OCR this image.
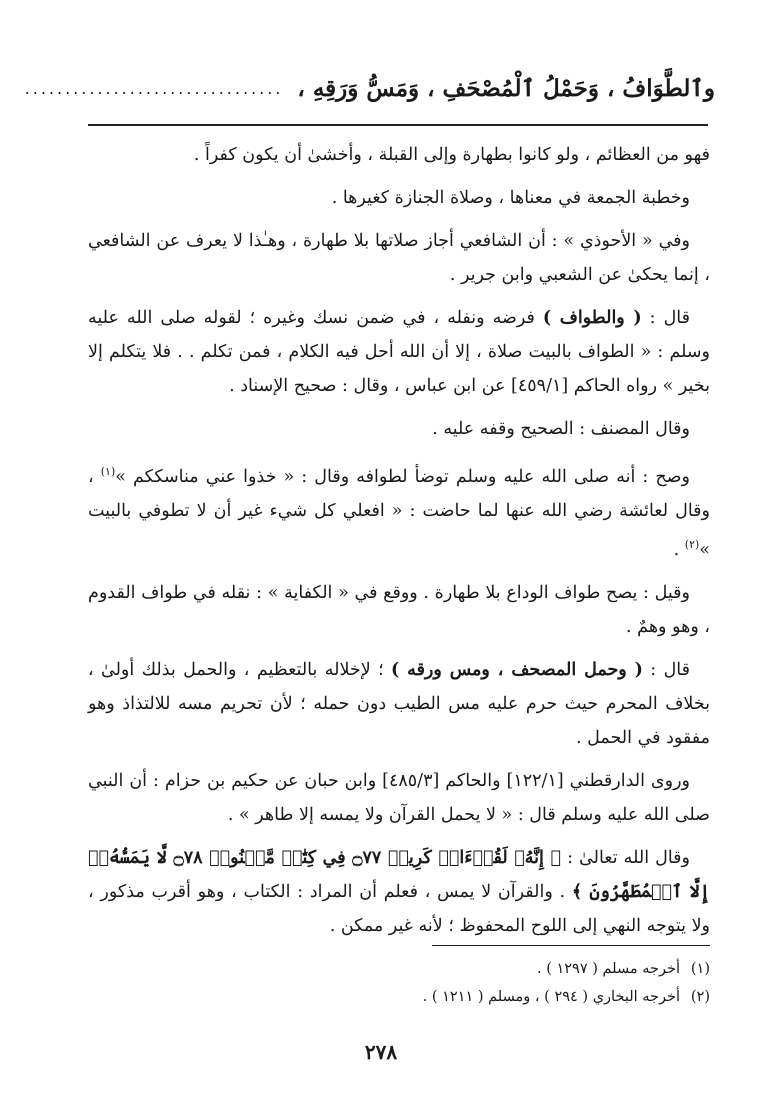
وٱلطَّوَافُ ، وَحَمْلُ ٱلْمُصْحَفِ ، وَمَسُّ وَرَقِهِ ،
................................

فهو من العظائم ، ولو كانوا بطهارة وإلى القبلة ، وأخشىٰ أن يكون كفراً .

وخطبة الجمعة في معناها ، وصلاة الجنازة كغيرها .

وفي « الأحوذي » : أن الشافعي أجاز صلاتها بلا طهارة ، وهـٰذا لا يعرف عن الشافعي ، إنما يحكىٰ عن الشعبي وابن جرير .

قال : ( والطواف ) فرضه ونفله ، في ضمن نسك وغيره ؛ لقوله صلى الله عليه وسلم : « الطواف بالبيت صلاة ، إلا أن الله أحل فيه الكلام ، فمن تكلم . . فلا يتكلم إلا بخير » رواه الحاكم [٤٥٩/١] عن ابن عباس ، وقال : صحيح الإسناد .

وقال المصنف : الصحيح وقفه عليه .

وصح : أنه صلى الله عليه وسلم توضأ لطوافه وقال : « خذوا عني مناسككم »$^{(١)}$ ، وقال لعائشة رضي الله عنها لما حاضت : « افعلي كل شيء غير أن لا تطوفي بالبيت »$^{(٢)}$ .

وقيل : يصح طواف الوداع بلا طهارة . ووقع في « الكفاية » : نقله في طواف القدوم ، وهو وهمٌ .

قال : ( وحمل المصحف ، ومس ورقه ) ؛ لإخلاله بالتعظيم ، والحمل بذلك أولىٰ ، بخلاف المحرم حيث حرم عليه مس الطيب دون حمله ؛ لأن تحريم مسه للالتذاذ وهو مفقود في الحمل .

وروى الدارقطني [١٢٢/١] والحاكم [٤٨٥/٣] وابن حبان عن حكيم بن حزام : أن النبي صلى الله عليه وسلم قال : « لا يحمل القرآن ولا يمسه إلا طاهر » .

وقال الله تعالىٰ : ﴿ إِنَّهُۥ لَقُرۡءَانٞ كَرِيمٞ ۝٧٧ فِي كِتَٰبٖ مَّكۡنُونٖ ۝٧٨ لَّا يَمَسُّهُۥٓ إِلَّا ٱلۡمُطَهَّرُونَ ﴾ . والقرآن لا يمس ، فعلم أن المراد : الكتاب ، وهو أقرب مذكور ، ولا يتوجه النهي إلى اللوح المحفوظ ؛ لأنه غير ممكن .

(١)أخرجه مسلم ( ١٢٩٧ ) .
(٢)أخرجه البخاري ( ٢٩٤ ) ، ومسلم ( ١٢١١ ) .
٢٧٨
